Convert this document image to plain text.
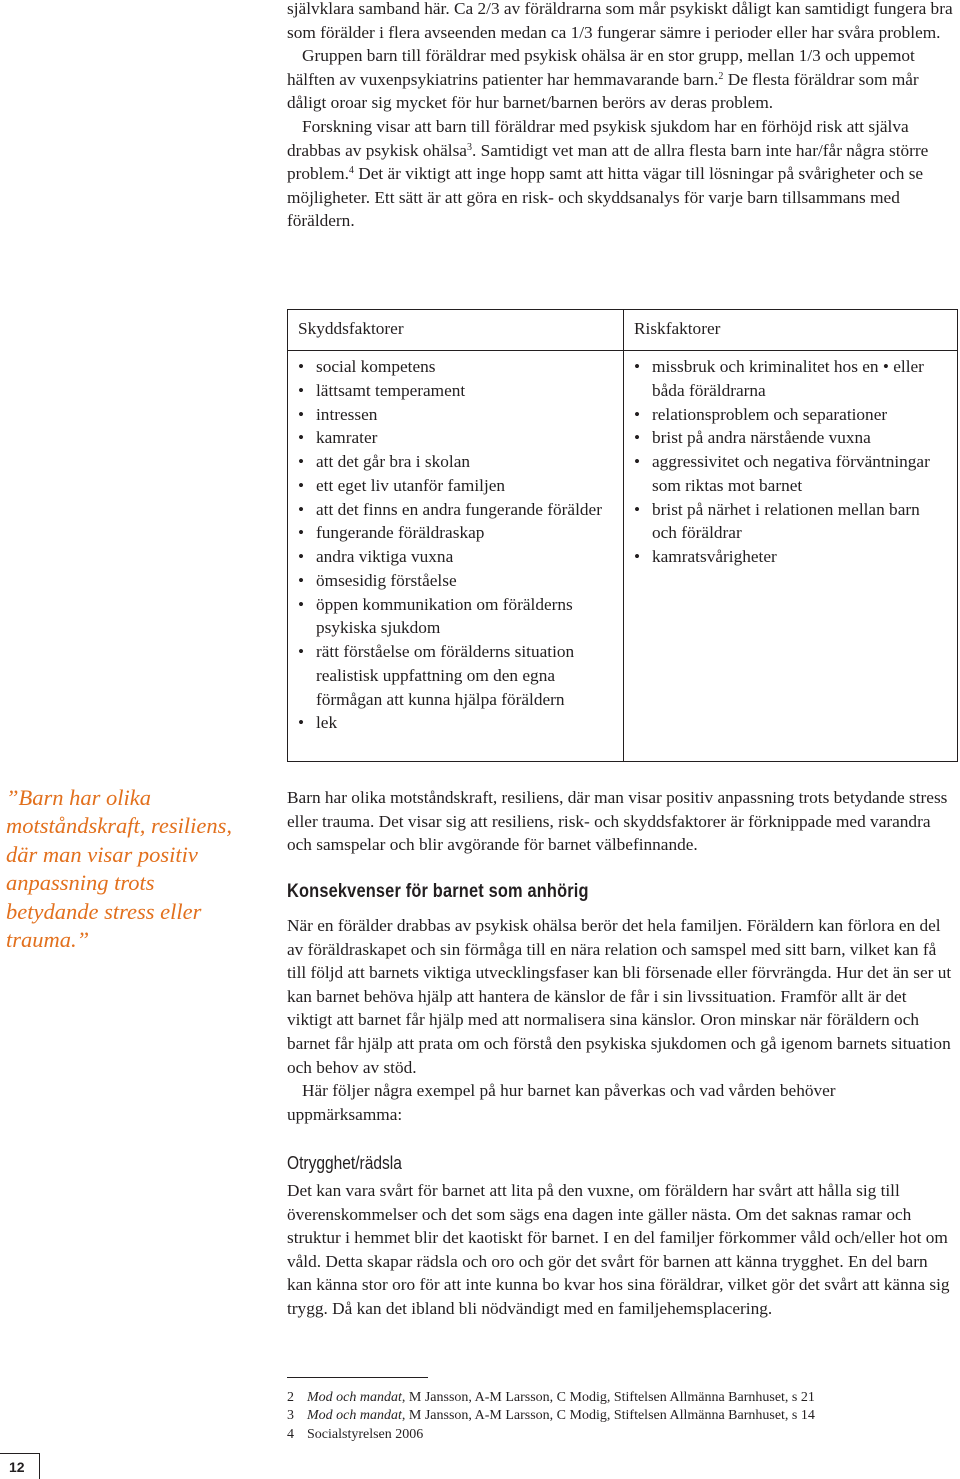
självklara samband här. Ca 2/3 av föräldrarna som mår psykiskt dåligt kan samtidigt fungera bra som förälder i flera avseenden medan ca 1/3 fungerar sämre i perioder eller har svåra problem.

Gruppen barn till föräldrar med psykisk ohälsa är en stor grupp, mellan 1/3 och uppemot hälften av vuxenpsykiatrins patienter har hemmavarande barn.$^2$ De flesta föräldrar som mår dåligt oroar sig mycket för hur barnet/barnen berörs av deras problem.

Forskning visar att barn till föräldrar med psykisk sjukdom har en förhöjd risk att själva drabbas av psykisk ohälsa$^3$. Samtidigt vet man att de allra flesta barn inte har/får några större problem.$^4$ Det är viktigt att inge hopp samt att hitta vägar till lösningar på svårigheter och se möjligheter. Ett sätt är att göra en risk- och skyddsanalys för varje barn tillsammans med föräldern.

Skyddsfaktorer	Riskfaktorer
• social kompetens
• lättsamt temperament
• intressen
• kamrater
• att det går bra i skolan
• ett eget liv utanför familjen
• att det finns en andra fungerande förälder
• fungerande föräldraskap
• andra viktiga vuxna
• ömsesidig förståelse
• öppen kommunikation om förälderns psykiska sjukdom
• rätt förståelse om förälderns situation realistisk uppfattning om den egna förmågan att kunna hjälpa föräldern
• lek
• missbruk och kriminalitet hos en • eller båda föräldrarna
• relationsproblem och separationer
• brist på andra närstående vuxna
• aggressivitet och negativa förväntningar som riktas mot barnet
• brist på närhet i relationen mellan barn och föräldrar
• kamratsvårigheter
”Barn har olika motståndskraft, resiliens, där man visar positiv anpassning trots betydande stress eller trauma.”

Barn har olika motståndskraft, resiliens, där man visar positiv anpassning trots betydande stress eller trauma. Det visar sig att resiliens, risk- och skyddsfaktorer är förknippade med varandra och samspelar och blir avgörande för barnet välbefinnande.

Konsekvenser för barnet som anhörig

När en förälder drabbas av psykisk ohälsa berör det hela familjen. Föräldern kan förlora en del av föräldraskapet och sin förmåga till en nära relation och samspel med sitt barn, vilket kan få till följd att barnets viktiga utvecklingsfaser kan bli försenade eller förvrängda. Hur det än ser ut kan barnet behöva hjälp att hantera de känslor de får i sin livssituation. Framför allt är det viktigt att barnet får hjälp med att normalisera sina känslor. Oron minskar när föräldern och barnet får hjälp att prata om och förstå den psykiska sjukdomen och gå igenom barnets situation och behov av stöd.

Här följer några exempel på hur barnet kan påverkas och vad vården behöver uppmärksamma:

Otrygghet/rädsla

Det kan vara svårt för barnet att lita på den vuxne, om föräldern har svårt att hålla sig till överenskommelser och det som sägs ena dagen inte gäller nästa. Om det saknas ramar och struktur i hemmet blir det kaotiskt för barnet. I en del familjer förkommer våld och/eller hot om våld. Detta skapar rädsla och oro och gör det svårt för barnen att känna trygghet. En del barn kan känna stor oro för att inte kunna bo kvar hos sina föräldrar, vilket gör det svårt att känna sig trygg. Då kan det ibland bli nödvändigt med en familjehemsplacering.

2 Mod och mandat, M Jansson, A-M Larsson, C Modig, Stiftelsen Allmänna Barnhuset, s 21
3 Mod och mandat, M Jansson, A-M Larsson, C Modig, Stiftelsen Allmänna Barnhuset, s 14
4 Socialstyrelsen 2006
12
